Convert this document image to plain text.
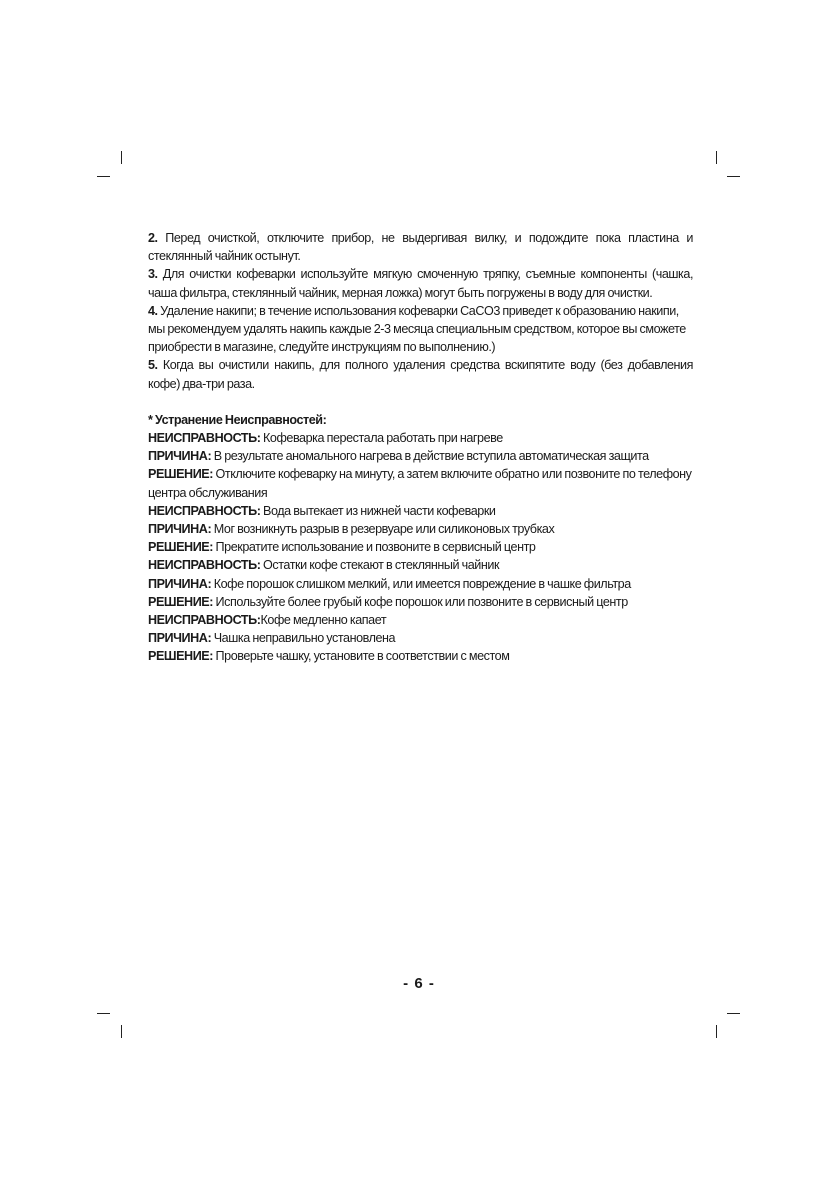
2. Перед очисткой, отключите прибор, не выдергивая вилку, и подождите пока пластина и стеклянный чайник остынут.

3. Для очистки кофеварки используйте мягкую смоченную тряпку, съемные компоненты (чашка, чаша фильтра, стеклянный чайник, мерная ложка) могут быть погружены в воду для очистки.

4. Удаление накипи; в течение использования кофеварки CaCO3 приведет к образованию накипи, мы рекомендуем удалять накипь каждые 2-3 месяца специальным средством, которое вы сможете приобрести в магазине, следуйте инструкциям по выполнению.)

5. Когда вы очистили накипь, для полного удаления средства вскипятите воду (без добавления кофе) два-три раза.

* Устранение Неисправностей:

НЕИСПРАВНОСТЬ: Кофеварка перестала работать при нагреве

ПРИЧИНА: В результате аномального нагрева в действие вступила автоматическая защита

РЕШЕНИЕ: Отключите кофеварку на минуту, а затем включите обратно или позвоните по телефону центра обслуживания

НЕИСПРАВНОСТЬ: Вода вытекает из нижней части кофеварки

ПРИЧИНА: Мог возникнуть разрыв в резервуаре или силиконовых трубках

РЕШЕНИЕ: Прекратите использование и позвоните в сервисный центр

НЕИСПРАВНОСТЬ: Остатки кофе стекают в стеклянный чайник

ПРИЧИНА: Кофе порошок слишком мелкий, или имеется повреждение в чашке фильтра

РЕШЕНИЕ: Используйте более грубый кофе порошок или позвоните в сервисный центр

НЕИСПРАВНОСТЬ:Кофе медленно капает

ПРИЧИНА: Чашка неправильно установлена

РЕШЕНИЕ: Проверьте чашку, установите в соответствии с местом

- 6 -
